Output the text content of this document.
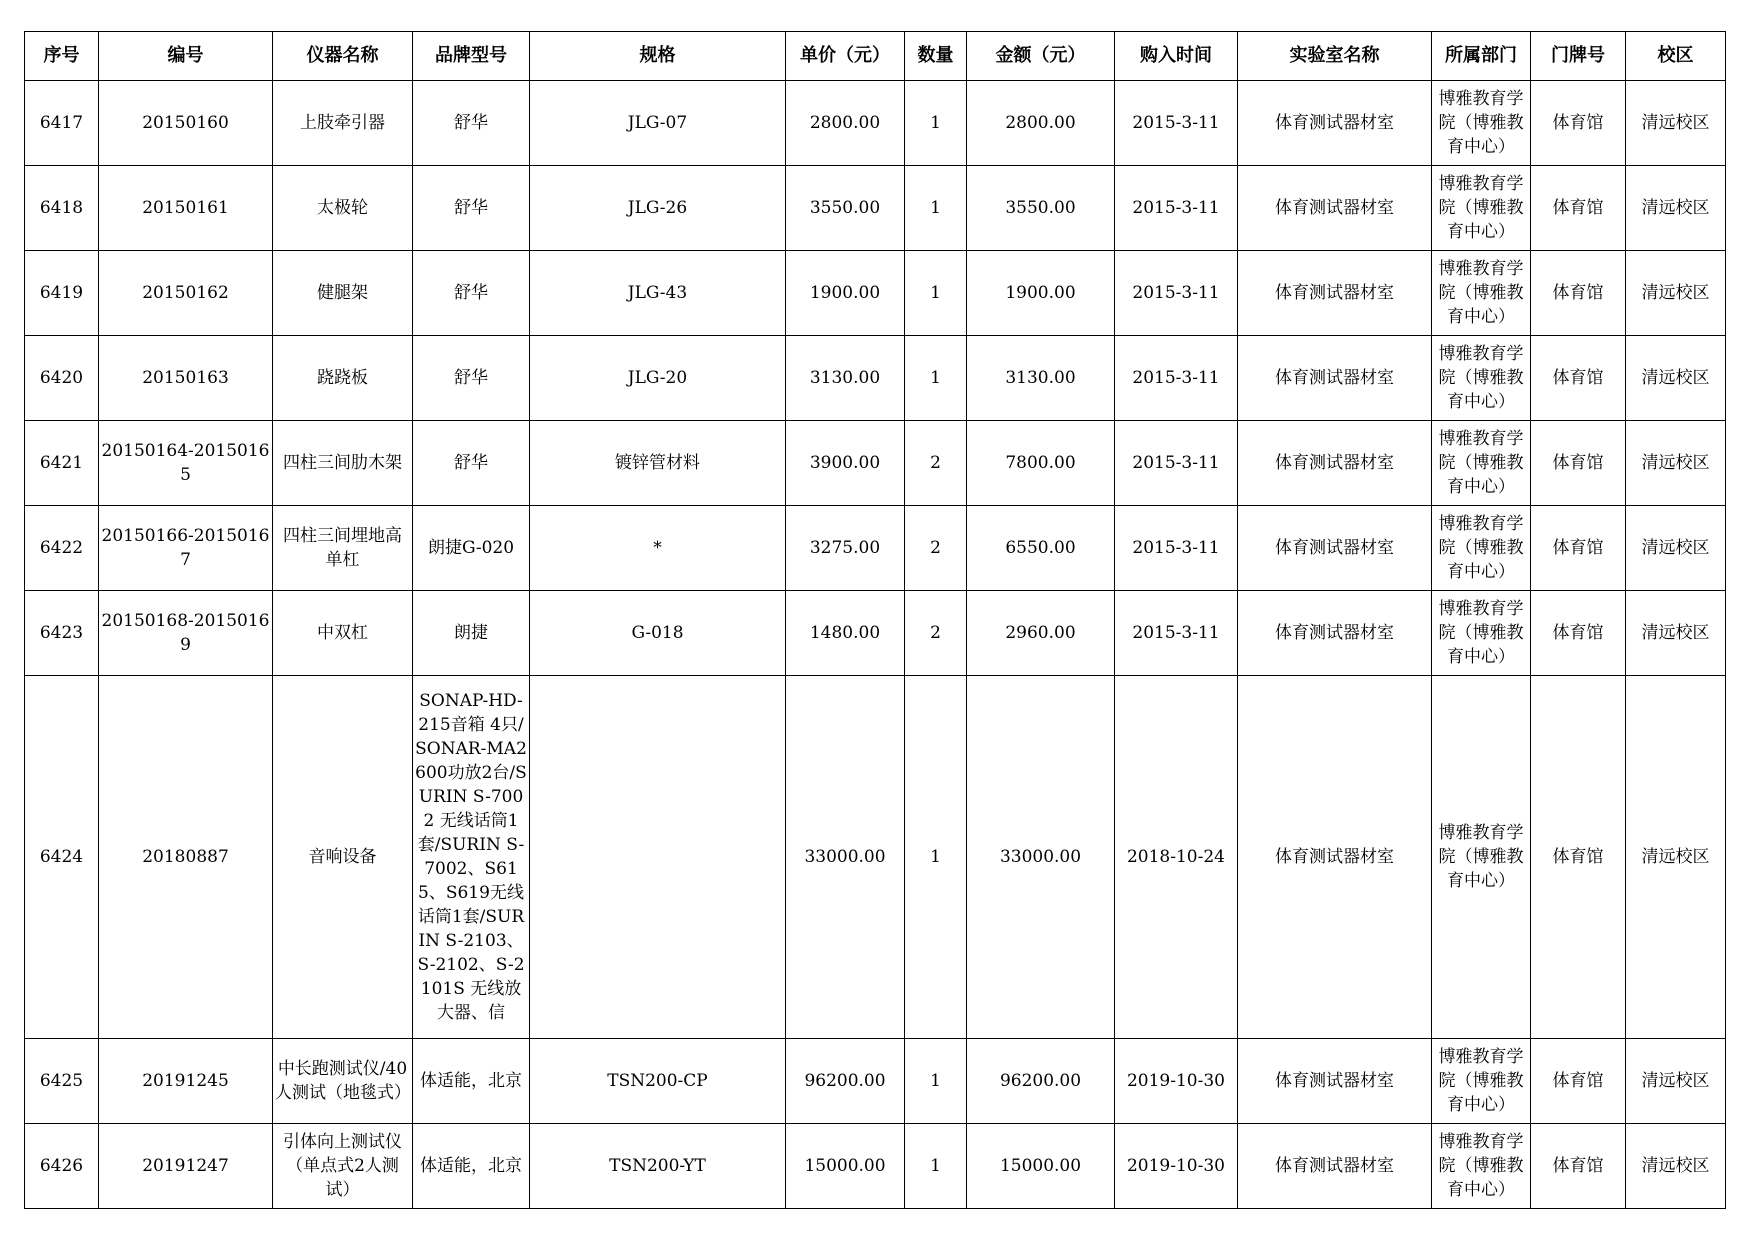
序号	编号	仪器名称	品牌型号	规格	单价（元）	数量	金额（元）	购入时间	实验室名称	所属部门	门牌号	校区
6417	20150160	上肢牵引器	舒华	JLG-07	2800.00	1	2800.00	2015-3-11	体育测试器材室	博雅教育学院（博雅教育中心）	体育馆	清远校区
6418	20150161	太极轮	舒华	JLG-26	3550.00	1	3550.00	2015-3-11	体育测试器材室	博雅教育学院（博雅教育中心）	体育馆	清远校区
6419	20150162	健腿架	舒华	JLG-43	1900.00	1	1900.00	2015-3-11	体育测试器材室	博雅教育学院（博雅教育中心）	体育馆	清远校区
6420	20150163	跷跷板	舒华	JLG-20	3130.00	1	3130.00	2015-3-11	体育测试器材室	博雅教育学院（博雅教育中心）	体育馆	清远校区
6421	20150164-20150165	四柱三间肋木架	舒华	镀锌管材料	3900.00	2	7800.00	2015-3-11	体育测试器材室	博雅教育学院（博雅教育中心）	体育馆	清远校区
6422	20150166-20150167	四柱三间埋地高单杠	朗捷G-020	*	3275.00	2	6550.00	2015-3-11	体育测试器材室	博雅教育学院（博雅教育中心）	体育馆	清远校区
6423	20150168-20150169	中双杠	朗捷	G-018	1480.00	2	2960.00	2015-3-11	体育测试器材室	博雅教育学院（博雅教育中心）	体育馆	清远校区
6424	20180887	音响设备	SONAP-HD-215音箱 4只/SONAR-MA2600功放2台/SURIN S-7002 无线话筒1套/SURIN S-7002、S615、S619无线话筒1套/SURIN S-2103、S-2102、S-2101S 无线放大器、信		33000.00	1	33000.00	2018-10-24	体育测试器材室	博雅教育学院（博雅教育中心）	体育馆	清远校区
6425	20191245	中长跑测试仪/40人测试（地毯式）	体适能，北京	TSN200-CP	96200.00	1	96200.00	2019-10-30	体育测试器材室	博雅教育学院（博雅教育中心）	体育馆	清远校区
6426	20191247	引体向上测试仪（单点式2人测试）	体适能，北京	TSN200-YT	15000.00	1	15000.00	2019-10-30	体育测试器材室	博雅教育学院（博雅教育中心）	体育馆	清远校区
